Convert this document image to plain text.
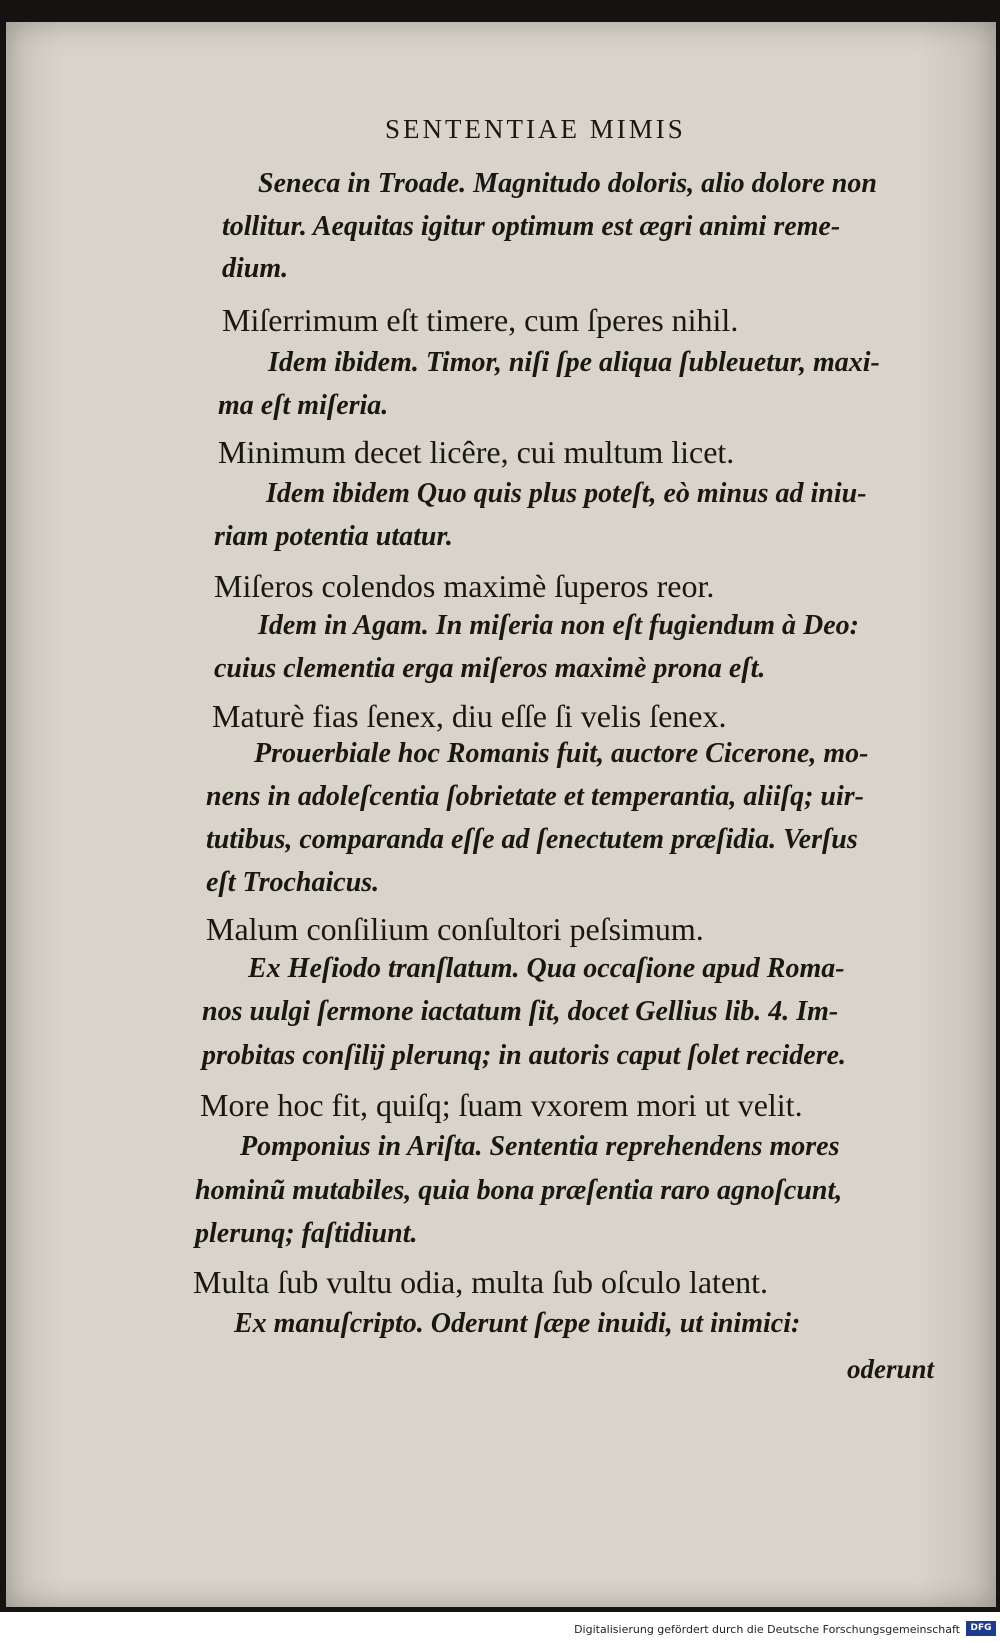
SENTENTIAE MIMIS
Seneca in Troade. Magnitudo doloris, alio dolore non
tollitur. Aequitas igitur optimum est ægri animi reme-
dium.
Miſerrimum eſt timere, cum ſperes nihil.
Idem ibidem. Timor, niſi ſpe aliqua ſubleuetur, maxi-
ma eſt miſeria.
Minimum decet licêre, cui multum licet.
Idem ibidem Quo quis plus poteſt, eò minus ad iniu-
riam potentia utatur.
Miſeros colendos maximè ſuperos reor.
Idem in Agam. In miſeria non eſt fugiendum à Deo:
cuius clementia erga miſeros maximè prona eſt.
Maturè fias ſenex, diu eſſe ſi velis ſenex.
Prouerbiale hoc Romanis fuit, auctore Cicerone, mo-
nens in adoleſcentia ſobrietate et temperantia, aliiſq; uir-
tutibus, comparanda eſſe ad ſenectutem præſidia. Verſus
eſt Trochaicus.
Malum conſilium conſultori peſsimum.
Ex Heſiodo tranſlatum. Qua occaſione apud Roma-
nos uulgi ſermone iactatum ſit, docet Gellius lib. 4. Im-
probitas conſilij plerunq; in autoris caput ſolet recidere.
More hoc fit, quiſq; ſuam vxorem mori ut velit.
Pomponius in Ariſta. Sententia reprehendens mores
hominũ mutabiles, quia bona præſentia raro agnoſcunt,
plerunq; faſtidiunt.
Multa ſub vultu odia, multa ſub oſculo latent.
Ex manuſcripto. Oderunt ſæpe inuidi, ut inimici:
oderunt
Digitalisierung gefördert durch die Deutsche Forschungsgemeinschaft	DFG
